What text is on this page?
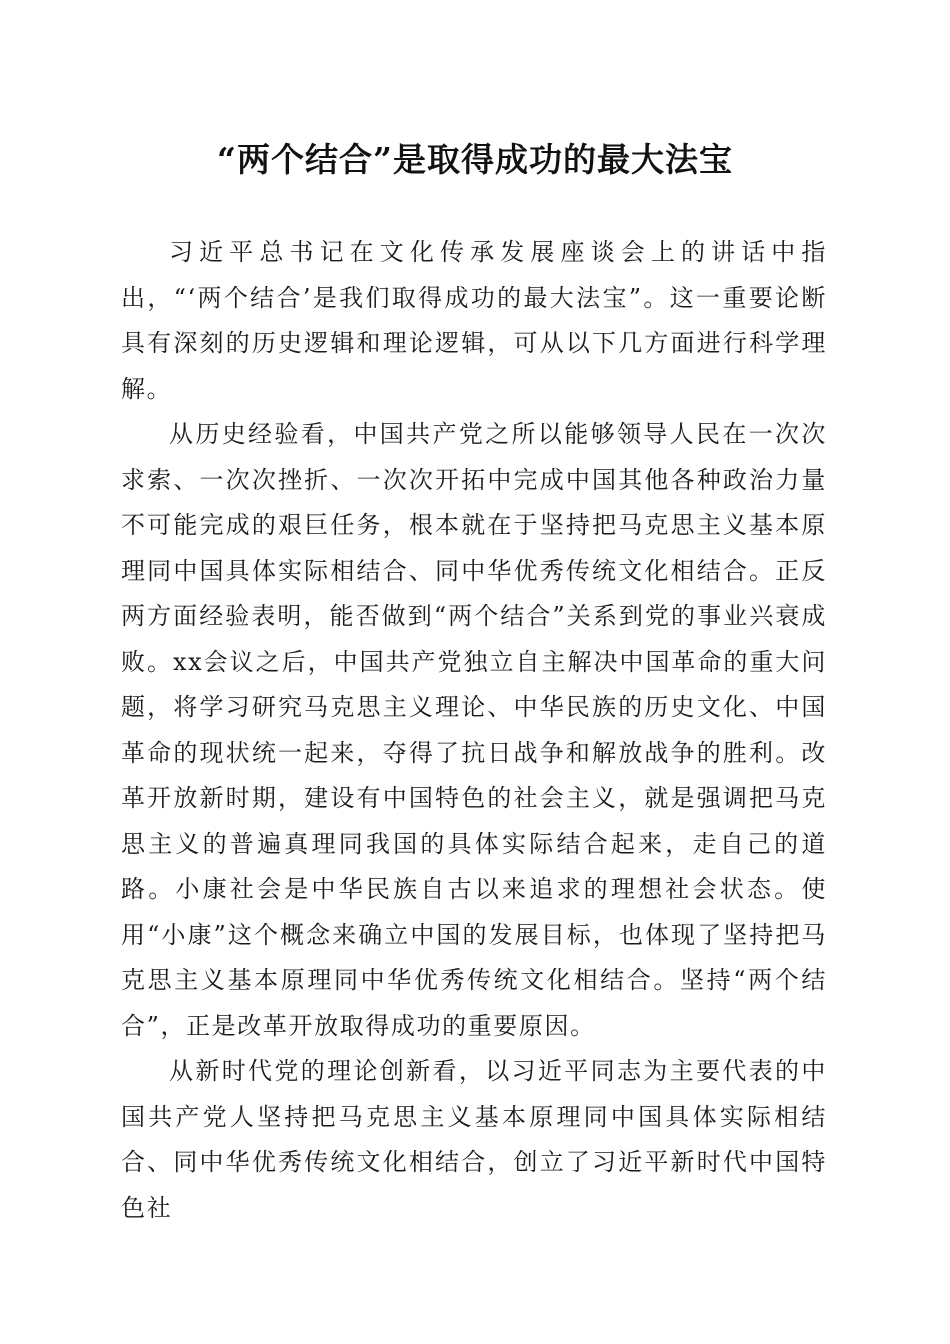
“两个结合”是取得成功的最大法宝

习近平总书记在文化传承发展座谈会上的讲话中指出，“‘两个结合’是我们取得成功的最大法宝”。这一重要论断具有深刻的历史逻辑和理论逻辑，可从以下几方面进行科学理解。

从历史经验看，中国共产党之所以能够领导人民在一次次求索、一次次挫折、一次次开拓中完成中国其他各种政治力量不可能完成的艰巨任务，根本就在于坚持把马克思主义基本原理同中国具体实际相结合、同中华优秀传统文化相结合。正反两方面经验表明，能否做到“两个结合”关系到党的事业兴衰成败。xx会议之后，中国共产党独立自主解决中国革命的重大问题，将学习研究马克思主义理论、中华民族的历史文化、中国革命的现状统一起来，夺得了抗日战争和解放战争的胜利。改革开放新时期，建设有中国特色的社会主义，就是强调把马克思主义的普遍真理同我国的具体实际结合起来，走自己的道路。小康社会是中华民族自古以来追求的理想社会状态。使用“小康”这个概念来确立中国的发展目标，也体现了坚持把马克思主义基本原理同中华优秀传统文化相结合。坚持“两个结合”，正是改革开放取得成功的重要原因。

从新时代党的理论创新看，以习近平同志为主要代表的中国共产党人坚持把马克思主义基本原理同中国具体实际相结合、同中华优秀传统文化相结合，创立了习近平新时代中国特色社
